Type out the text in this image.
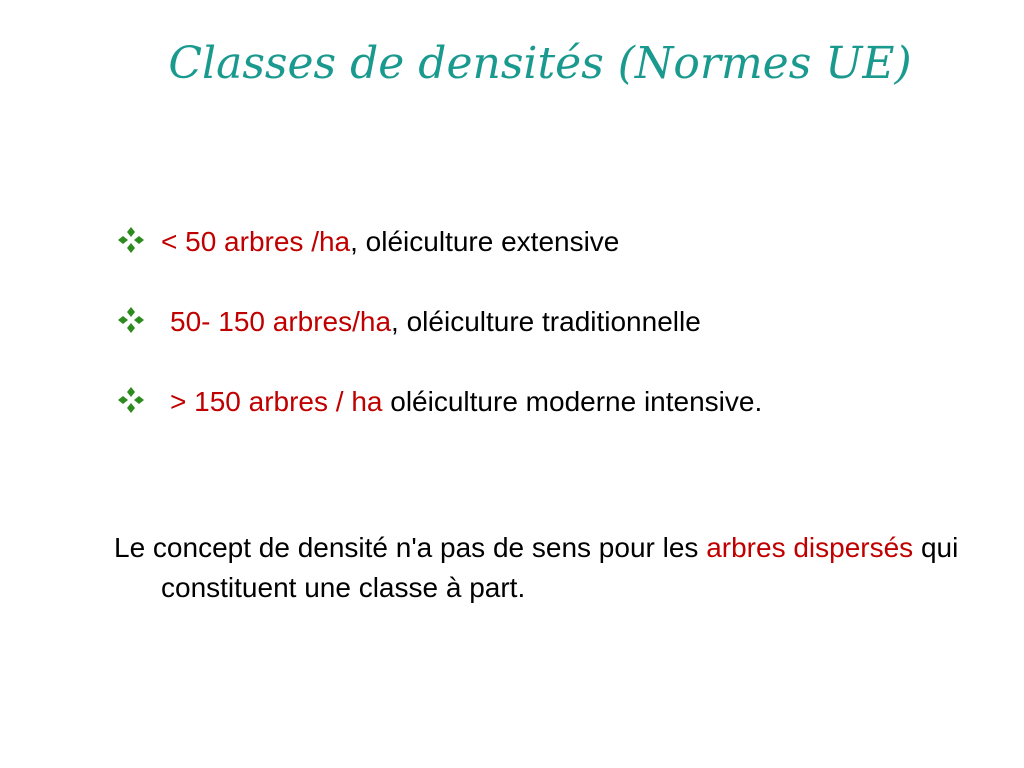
Classes de densités (Normes UE)
< 50 arbres /ha, oléiculture extensive
50- 150 arbres/ha, oléiculture traditionnelle
> 150 arbres / ha oléiculture moderne intensive.
Le concept de densité n'a pas de sens pour les arbres dispersés qui constituent une classe à part.
